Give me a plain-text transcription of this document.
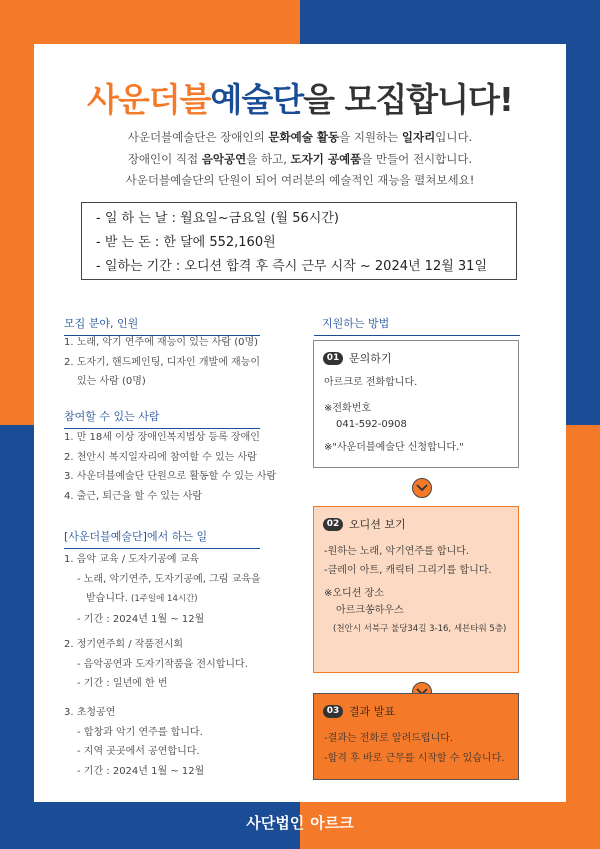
사운더블예술단을 모집합니다!
사운더블예술단은 장애인의 문화예술 활동을 지원하는 일자리입니다.
장애인이 직접 음악공연을 하고, 도자기 공예품을 만들어 전시합니다.
사운더블예술단의 단원이 되어 여러분의 예술적인 재능을 펼쳐보세요!
- 일 하 는 날 : 월요일~금요일 (월 56시간)
- 받 는 돈 : 한 달에 552,160원
- 일하는 기간 : 오디션 합격 후 즉시 근무 시작 ~ 2024년 12월 31일
모집 분야, 인원
1. 노래, 악기 연주에 재능이 있는 사람 (0명)
2. 도자기, 핸드페인팅, 디자인 개발에 재능이
있는 사람 (0명)
참여할 수 있는 사람
1. 만 18세 이상 장애인복지법상 등록 장애인
2. 천안시 복지일자리에 참여할 수 있는 사람
3. 사운더블예술단 단원으로 활동할 수 있는 사람
4. 출근, 퇴근을 할 수 있는 사람
[사운더블예술단]에서 하는 일
1. 음악 교육 / 도자기공예 교육
- 노래, 악기연주, 도자기공예, 그림 교육을
받습니다. (1주일에 14시간)
- 기간 : 2024년 1월 ~ 12월
2. 정기연주회 / 작품전시회
- 음악공연과 도자기작품을 전시합니다.
- 기간 : 일년에 한 번
3. 초청공연
- 합창과 악기 연주를 합니다.
- 지역 곳곳에서 공연합니다.
- 기간 : 2024년 1월 ~ 12월
지원하는 방법
01 문의하기
아르크로 전화합니다.
※전화번호
041-592-0908
※"사운더블예술단 신청합니다."
02 오디션 보기
-원하는 노래, 악기연주를 합니다.
-클레이 아트, 캐릭터 그리기를 합니다.
※오디션 장소
아르크쏭하우스
(천안시 서북구 불당34길 3-16, 세븐타워 5층)
03 결과 발표
-결과는 전화로 알려드립니다.
-합격 후 바로 근무를 시작할 수 있습니다.
사단법인 아르크
